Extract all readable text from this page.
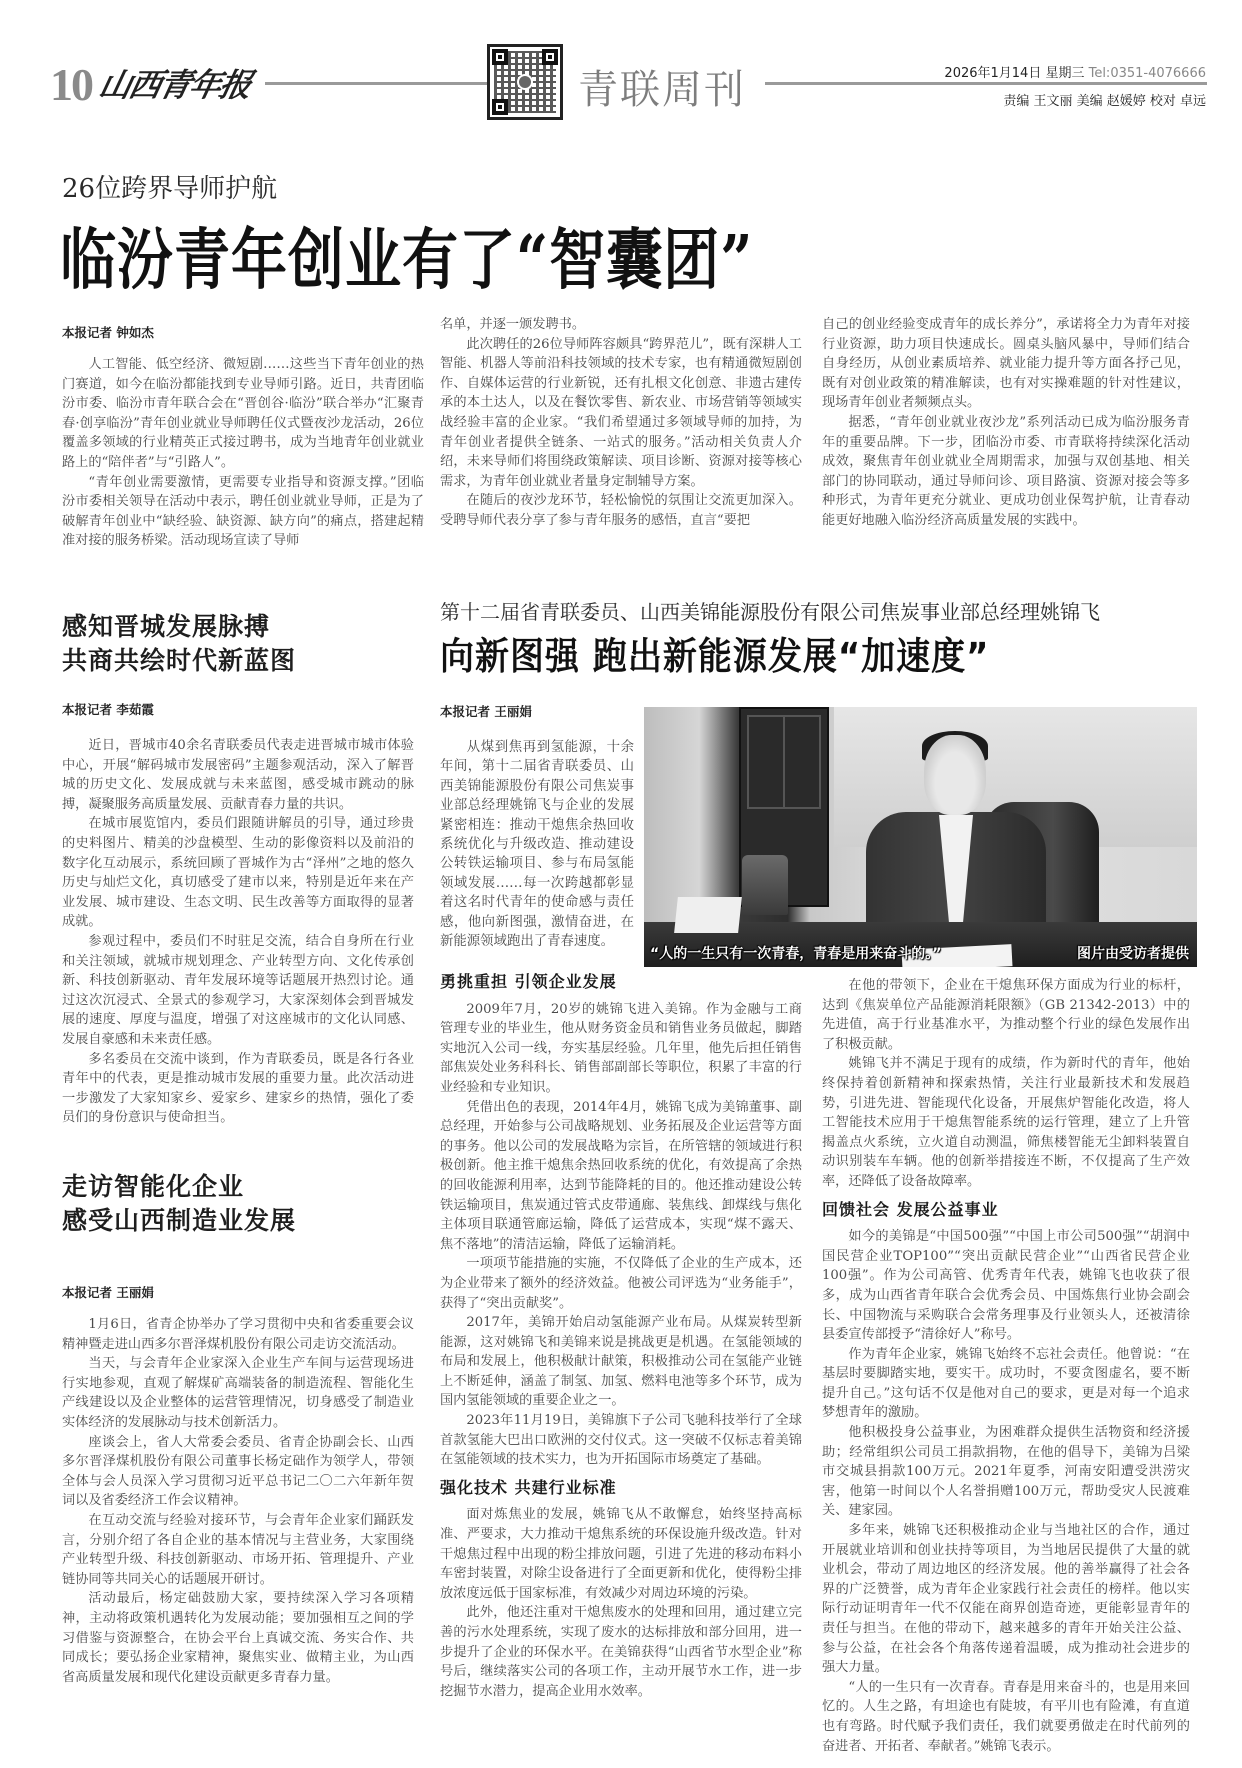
10 山西青年报	青联周刊	2026年1月14日 星期三 Tel:0351-4076666
责编 王文丽 美编 赵媛婷 校对 卓远
26位跨界导师护航
临汾青年创业有了“智囊团”
本报记者 钟如杰

人工智能、低空经济、微短剧……这些当下青年创业的热门赛道，如今在临汾都能找到专业导师引路。近日，共青团临汾市委、临汾市青年联合会在“晋创谷·临汾”联合举办“汇聚青春·创享临汾”青年创业就业导师聘任仪式暨夜沙龙活动，26位覆盖多领域的行业精英正式接过聘书，成为当地青年创业就业路上的“陪伴者”与“引路人”。

“青年创业需要激情，更需要专业指导和资源支撑。”团临汾市委相关领导在活动中表示，聘任创业就业导师，正是为了破解青年创业中“缺经验、缺资源、缺方向”的痛点，搭建起精准对接的服务桥梁。活动现场宣读了导师

名单，并逐一颁发聘书。

此次聘任的26位导师阵容颇具“跨界范儿”，既有深耕人工智能、机器人等前沿科技领域的技术专家，也有精通微短剧创作、自媒体运营的行业新锐，还有扎根文化创意、非遗古建传承的本土达人，以及在餐饮零售、新农业、市场营销等领域实战经验丰富的企业家。“我们希望通过多领域导师的加持，为青年创业者提供全链条、一站式的服务。”活动相关负责人介绍，未来导师们将围绕政策解读、项目诊断、资源对接等核心需求，为青年创业就业者量身定制辅导方案。

在随后的夜沙龙环节，轻松愉悦的氛围让交流更加深入。受聘导师代表分享了参与青年服务的感悟，直言“要把

自己的创业经验变成青年的成长养分”，承诺将全力为青年对接行业资源，助力项目快速成长。圆桌头脑风暴中，导师们结合自身经历，从创业素质培养、就业能力提升等方面各抒己见，既有对创业政策的精准解读，也有对实操难题的针对性建议，现场青年创业者频频点头。

据悉，“青年创业就业夜沙龙”系列活动已成为临汾服务青年的重要品牌。下一步，团临汾市委、市青联将持续深化活动成效，聚焦青年创业就业全周期需求，加强与双创基地、相关部门的协同联动，通过导师问诊、项目路演、资源对接会等多种形式，为青年更充分就业、更成功创业保驾护航，让青春动能更好地融入临汾经济高质量发展的实践中。

感知晋城发展脉搏
共商共绘时代新蓝图
本报记者 李茹霞

近日，晋城市40余名青联委员代表走进晋城市城市体验中心，开展“解码城市发展密码”主题参观活动，深入了解晋城的历史文化、发展成就与未来蓝图，感受城市跳动的脉搏，凝聚服务高质量发展、贡献青春力量的共识。

在城市展览馆内，委员们跟随讲解员的引导，通过珍贵的史料图片、精美的沙盘模型、生动的影像资料以及前沿的数字化互动展示，系统回顾了晋城作为古“泽州”之地的悠久历史与灿烂文化，真切感受了建市以来，特别是近年来在产业发展、城市建设、生态文明、民生改善等方面取得的显著成就。

参观过程中，委员们不时驻足交流，结合自身所在行业和关注领域，就城市规划理念、产业转型方向、文化传承创新、科技创新驱动、青年发展环境等话题展开热烈讨论。通过这次沉浸式、全景式的参观学习，大家深刻体会到晋城发展的速度、厚度与温度，增强了对这座城市的文化认同感、发展自豪感和未来责任感。

多名委员在交流中谈到，作为青联委员，既是各行各业青年中的代表，更是推动城市发展的重要力量。此次活动进一步激发了大家知家乡、爱家乡、建家乡的热情，强化了委员们的身份意识与使命担当。

走访智能化企业
感受山西制造业发展
本报记者 王丽娟

1月6日，省青企协举办了学习贯彻中央和省委重要会议精神暨走进山西多尔晋泽煤机股份有限公司走访交流活动。

当天，与会青年企业家深入企业生产车间与运营现场进行实地参观，直观了解煤矿高端装备的制造流程、智能化生产线建设以及企业整体的运营管理情况，切身感受了制造业实体经济的发展脉动与技术创新活力。

座谈会上，省人大常委会委员、省青企协副会长、山西多尔晋泽煤机股份有限公司董事长杨定础作为领学人，带领全体与会人员深入学习贯彻习近平总书记二〇二六年新年贺词以及省委经济工作会议精神。

在互动交流与经验对接环节，与会青年企业家们踊跃发言，分别介绍了各自企业的基本情况与主营业务，大家围绕产业转型升级、科技创新驱动、市场开拓、管理提升、产业链协同等共同关心的话题展开研讨。

活动最后，杨定础鼓励大家，要持续深入学习各项精神，主动将政策机遇转化为发展动能；要加强相互之间的学习借鉴与资源整合，在协会平台上真诚交流、务实合作、共同成长；要弘扬企业家精神，聚焦实业、做精主业，为山西省高质量发展和现代化建设贡献更多青春力量。

第十二届省青联委员、山西美锦能源股份有限公司焦炭事业部总经理姚锦飞
向新图强 跑出新能源发展“加速度”
本报记者 王丽娟

从煤到焦再到氢能源，十余年间，第十二届省青联委员、山西美锦能源股份有限公司焦炭事业部总经理姚锦飞与企业的发展紧密相连：推动干熄焦余热回收系统优化与升级改造、推动建设公转铁运输项目、参与布局氢能领域发展……每一次跨越都彰显着这名时代青年的使命感与责任感，他向新图强，激情奋进，在新能源领域跑出了青春速度。

“人的一生只有一次青春，青春是用来奋斗的。”	图片由受访者提供
勇挑重担 引领企业发展

2009年7月，20岁的姚锦飞进入美锦。作为金融与工商管理专业的毕业生，他从财务资金员和销售业务员做起，脚踏实地沉入公司一线，夯实基层经验。几年里，他先后担任销售部焦炭处业务科科长、销售部副部长等职位，积累了丰富的行业经验和专业知识。

凭借出色的表现，2014年4月，姚锦飞成为美锦董事、副总经理，开始参与公司战略规划、业务拓展及企业运营等方面的事务。他以公司的发展战略为宗旨，在所管辖的领域进行积极创新。他主推干熄焦余热回收系统的优化，有效提高了余热的回收能源利用率，达到节能降耗的目的。他还推动建设公转铁运输项目，焦炭通过管式皮带通廊、装焦线、卸煤线与焦化主体项目联通管廊运输，降低了运营成本，实现“煤不露天、焦不落地”的清洁运输，降低了运输消耗。

一项项节能措施的实施，不仅降低了企业的生产成本，还为企业带来了额外的经济效益。他被公司评选为“业务能手”，获得了“突出贡献奖”。

2017年，美锦开始启动氢能源产业布局。从煤炭转型新能源，这对姚锦飞和美锦来说是挑战更是机遇。在氢能领域的布局和发展上，他积极献计献策，积极推动公司在氢能产业链上不断延伸，涵盖了制氢、加氢、燃料电池等多个环节，成为国内氢能领域的重要企业之一。

2023年11月19日，美锦旗下子公司飞驰科技举行了全球首款氢能大巴出口欧洲的交付仪式。这一突破不仅标志着美锦在氢能领域的技术实力，也为开拓国际市场奠定了基础。

强化技术 共建行业标准

面对炼焦业的发展，姚锦飞从不敢懈怠，始终坚持高标准、严要求，大力推动干熄焦系统的环保设施升级改造。针对干熄焦过程中出现的粉尘排放问题，引进了先进的移动布料小车密封装置，对除尘设备进行了全面更新和优化，使得粉尘排放浓度远低于国家标准，有效减少对周边环境的污染。

此外，他还注重对干熄焦废水的处理和回用，通过建立完善的污水处理系统，实现了废水的达标排放和部分回用，进一步提升了企业的环保水平。在美锦获得“山西省节水型企业”称号后，继续落实公司的各项工作，主动开展节水工作，进一步挖掘节水潜力，提高企业用水效率。

在他的带领下，企业在干熄焦环保方面成为行业的标杆，达到《焦炭单位产品能源消耗限额》（GB 21342-2013）中的先进值，高于行业基准水平，为推动整个行业的绿色发展作出了积极贡献。

姚锦飞并不满足于现有的成绩，作为新时代的青年，他始终保持着创新精神和探索热情，关注行业最新技术和发展趋势，引进先进、智能现代化设备，开展焦炉智能化改造，将人工智能技术应用于干熄焦智能系统的运行管理，建立了上升管揭盖点火系统，立火道自动测温，筛焦楼智能无尘卸料装置自动识别装车车辆。他的创新举措接连不断，不仅提高了生产效率，还降低了设备故障率。

回馈社会 发展公益事业

如今的美锦是“中国500强”“中国上市公司500强”“胡润中国民营企业TOP100”“突出贡献民营企业”“山西省民营企业100强”。作为公司高管、优秀青年代表，姚锦飞也收获了很多，成为山西省青年联合会优秀会员、中国炼焦行业协会副会长、中国物流与采购联合会常务理事及行业领头人，还被清徐县委宣传部授予“清徐好人”称号。

作为青年企业家，姚锦飞始终不忘社会责任。他曾说：“在基层时要脚踏实地，要实干。成功时，不要贪图虚名，要不断提升自己。”这句话不仅是他对自己的要求，更是对每一个追求梦想青年的激励。

他积极投身公益事业，为困难群众提供生活物资和经济援助；经常组织公司员工捐款捐物，在他的倡导下，美锦为吕梁市交城县捐款100万元。2021年夏季，河南安阳遭受洪涝灾害，他第一时间以个人名誉捐赠100万元，帮助受灾人民渡难关、建家园。

多年来，姚锦飞还积极推动企业与当地社区的合作，通过开展就业培训和创业扶持等项目，为当地居民提供了大量的就业机会，带动了周边地区的经济发展。他的善举赢得了社会各界的广泛赞誉，成为青年企业家践行社会责任的榜样。他以实际行动证明青年一代不仅能在商界创造奇迹，更能彰显青年的责任与担当。在他的带动下，越来越多的青年开始关注公益、参与公益，在社会各个角落传递着温暖，成为推动社会进步的强大力量。

“人的一生只有一次青春。青春是用来奋斗的，也是用来回忆的。人生之路，有坦途也有陡坡，有平川也有险滩，有直道也有弯路。时代赋予我们责任，我们就要勇做走在时代前列的奋进者、开拓者、奉献者。”姚锦飞表示。
